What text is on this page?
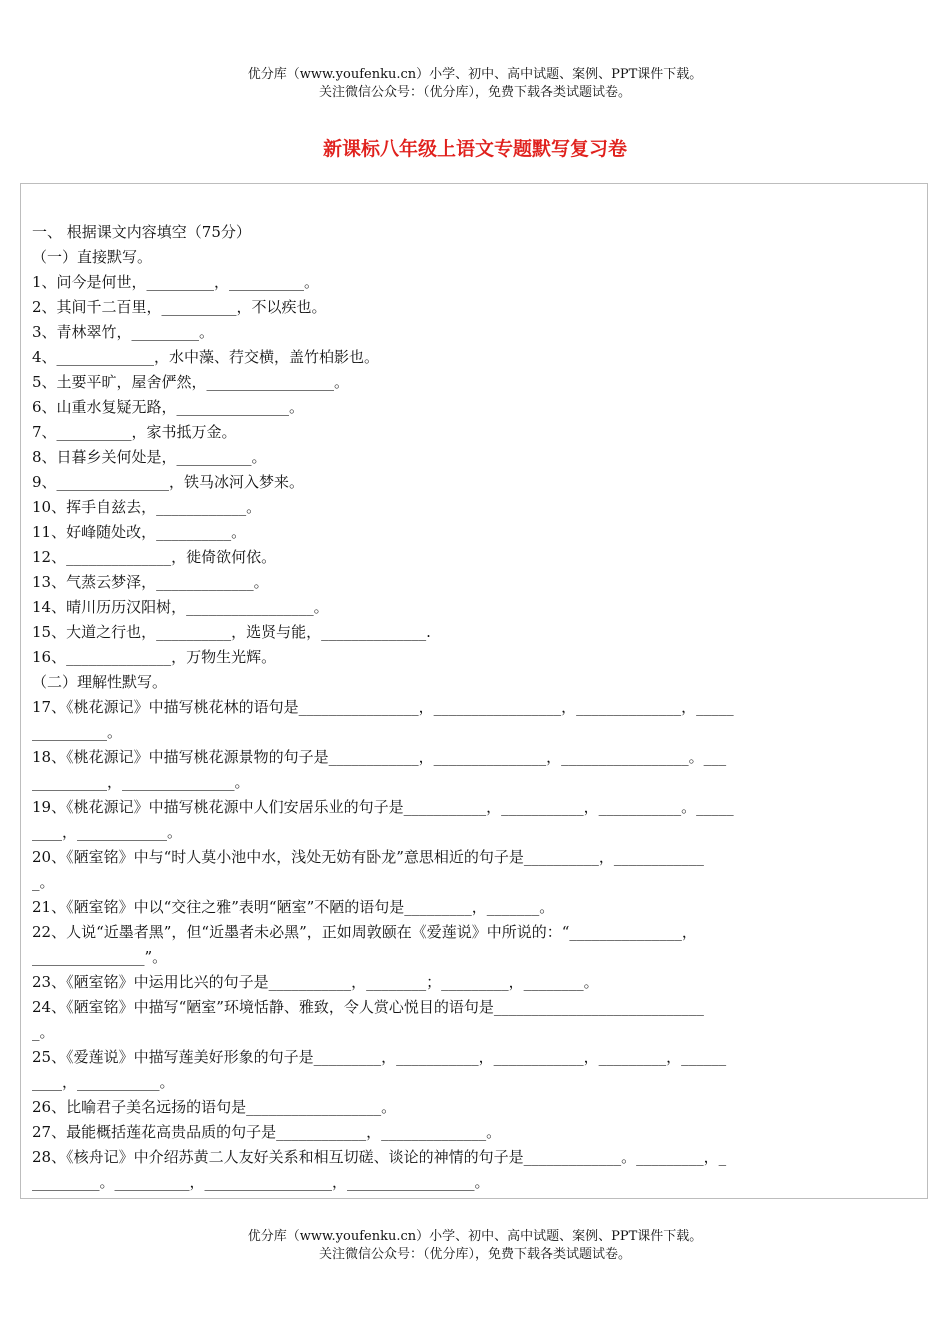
优分库（www.youfenku.cn）小学、初中、高中试题、案例、PPT课件下载。
关注微信公众号：（优分库），免费下载各类试题试卷。
新课标八年级上语文专题默写复习卷
一、 根据课文内容填空（75分）
（一）直接默写。
1、问今是何世，_________，__________。
2、其间千二百里，__________，不以疾也。
3、青林翠竹，_________。
4、_____________，水中藻、荇交横，盖竹柏影也。
5、土要平旷，屋舍俨然，_________________。
6、山重水复疑无路，_______________。
7、__________，家书抵万金。
8、日暮乡关何处是，__________。
9、_______________，铁马冰河入梦来。
10、挥手自兹去，____________。
11、好峰随处改，__________。
12、______________，徙倚欲何依。
13、气蒸云梦泽，_____________。
14、晴川历历汉阳树，_________________。
15、大道之行也，__________，选贤与能，______________.
16、______________，万物生光辉。
（二）理解性默写。
17、《桃花源记》中描写桃花林的语句是________________，_________________，______________，_____
__________。
18、《桃花源记》中描写桃花源景物的句子是____________，_______________，_________________。___
__________，_______________。
19、《桃花源记》中描写桃花源中人们安居乐业的句子是___________，___________，___________。_____
____，____________。
20、《陋室铭》中与“时人莫小池中水，浅处无妨有卧龙”意思相近的句子是__________，____________
_。
21、《陋室铭》中以“交往之雅”表明“陋室”不陋的语句是_________，_______。
22、人说“近墨者黑”，但“近墨者未必黑”，正如周敦颐在《爱莲说》中所说的：“_______________，
_______________”。
23、《陋室铭》中运用比兴的句子是___________，________；_________，________。
24、《陋室铭》中描写“陋室”环境恬静、雅致，令人赏心悦目的语句是____________________________
_。
25、《爱莲说》中描写莲美好形象的句子是_________，___________，____________，_________，______
____，___________。
26、比喻君子美名远扬的语句是__________________。
27、最能概括莲花高贵品质的句子是____________，______________。
28、《核舟记》中介绍苏黄二人友好关系和相互切磋、谈论的神情的句子是_____________。_________，_
_________。__________，_________________，_________________。
优分库（www.youfenku.cn）小学、初中、高中试题、案例、PPT课件下载。
关注微信公众号：（优分库），免费下载各类试题试卷。
